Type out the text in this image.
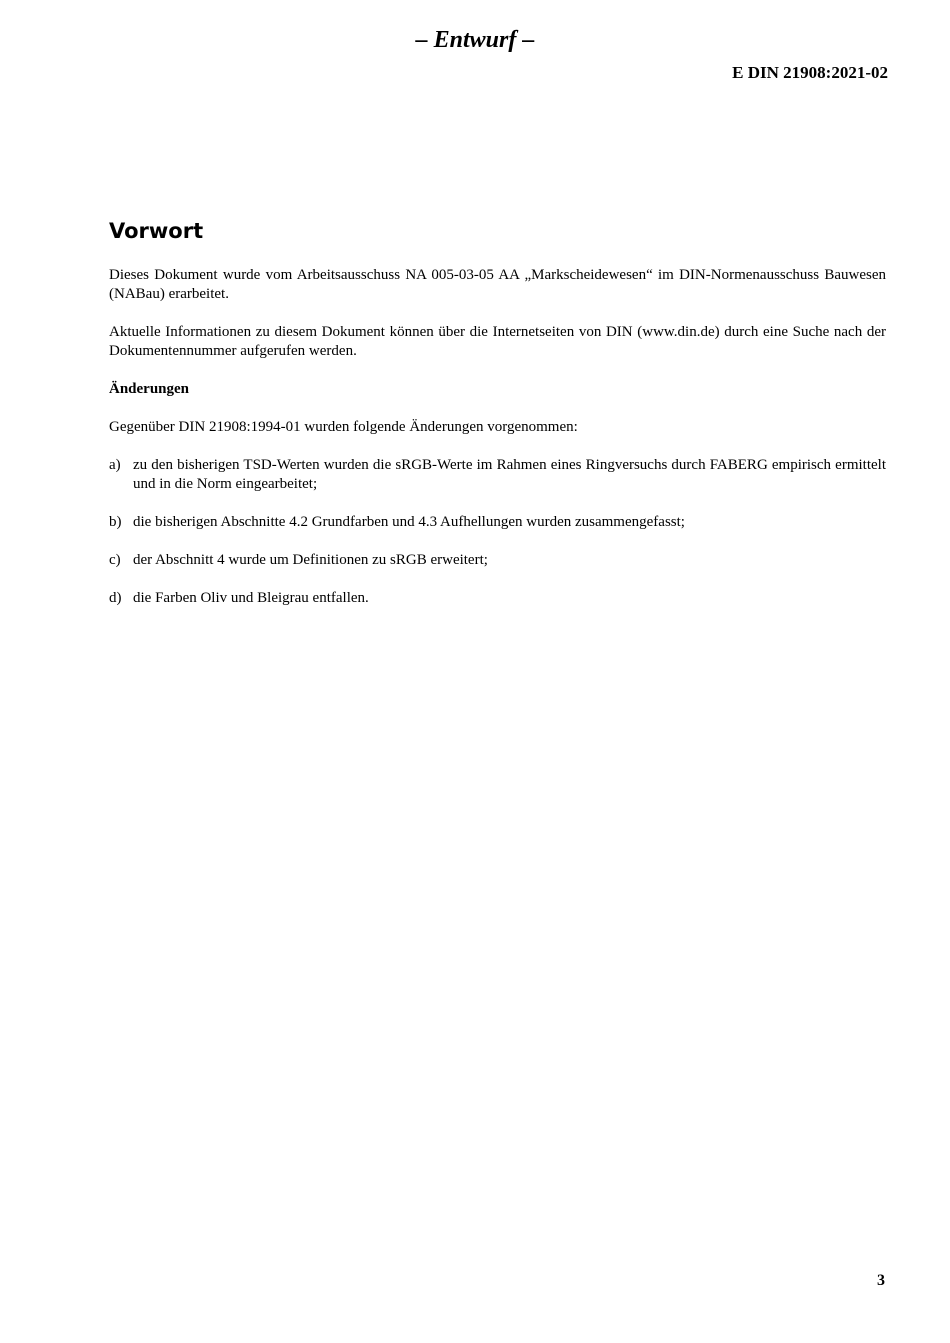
– Entwurf –
E DIN 21908:2021-02
Vorwort

Dieses Dokument wurde vom Arbeitsausschuss NA 005-03-05 AA „Markscheidewesen“ im DIN-Normenausschuss Bauwesen (NABau) erarbeitet.

Aktuelle Informationen zu diesem Dokument können über die Internetseiten von DIN (www.din.de) durch eine Suche nach der Dokumentennummer aufgerufen werden.

Änderungen

Gegenüber DIN 21908:1994-01 wurden folgende Änderungen vorgenommen:

a) zu den bisherigen TSD-Werten wurden die sRGB-Werte im Rahmen eines Ringversuchs durch FABERG empirisch ermittelt und in die Norm eingearbeitet;
b) die bisherigen Abschnitte 4.2 Grundfarben und 4.3 Aufhellungen wurden zusammengefasst;
c) der Abschnitt 4 wurde um Definitionen zu sRGB erweitert;
d) die Farben Oliv und Bleigrau entfallen.
3
